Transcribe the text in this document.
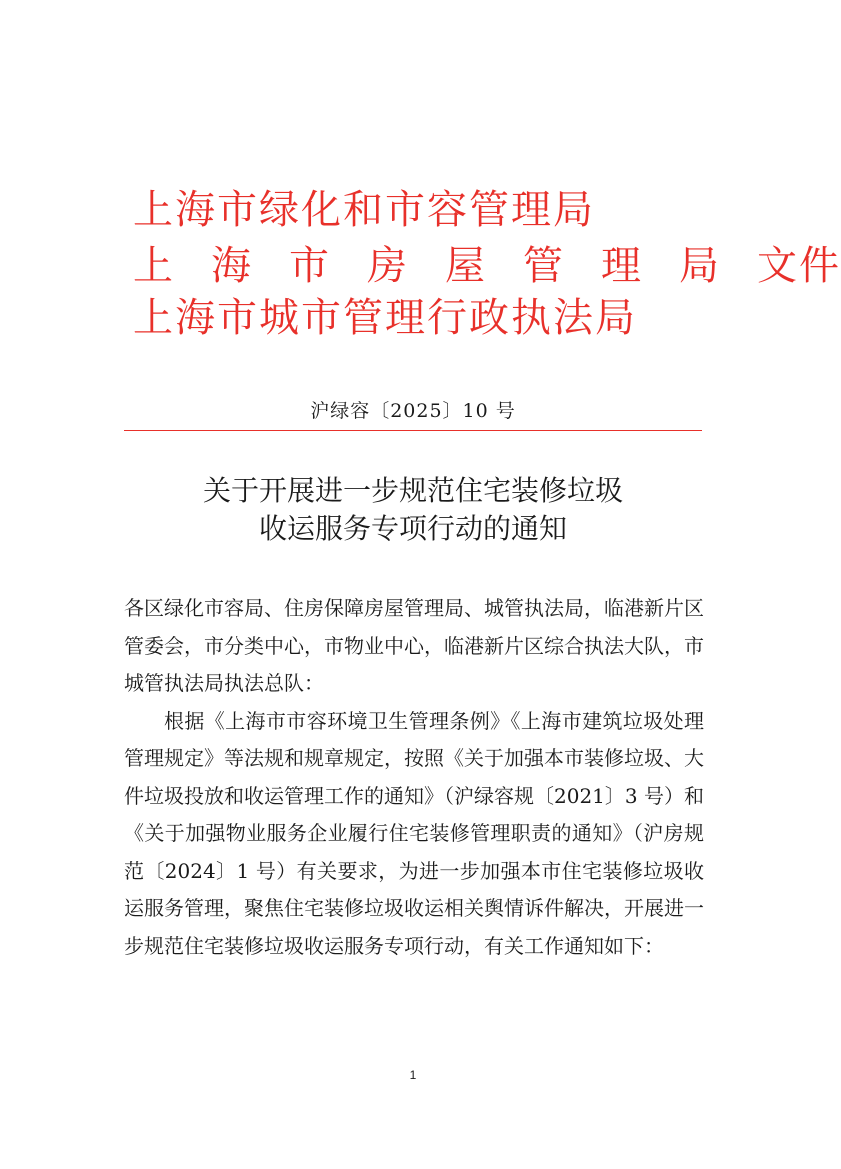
上海市绿化和市容管理局
上海市房屋管理局文件
上海市城市管理行政执法局
沪绿容〔2025〕10 号
关于开展进一步规范住宅装修垃圾
收运服务专项行动的通知

各区绿化市容局、住房保障房屋管理局、城管执法局，临港新片区管委会，市分类中心，市物业中心，临港新片区综合执法大队，市城管执法局执法总队：

根据《上海市市容环境卫生管理条例》《上海市建筑垃圾处理管理规定》等法规和规章规定，按照《关于加强本市装修垃圾、大件垃圾投放和收运管理工作的通知》（沪绿容规〔2021〕3 号）和《关于加强物业服务企业履行住宅装修管理职责的通知》（沪房规范〔2024〕1 号）有关要求，为进一步加强本市住宅装修垃圾收运服务管理，聚焦住宅装修垃圾收运相关舆情诉件解决，开展进一步规范住宅装修垃圾收运服务专项行动，有关工作通知如下：

1
